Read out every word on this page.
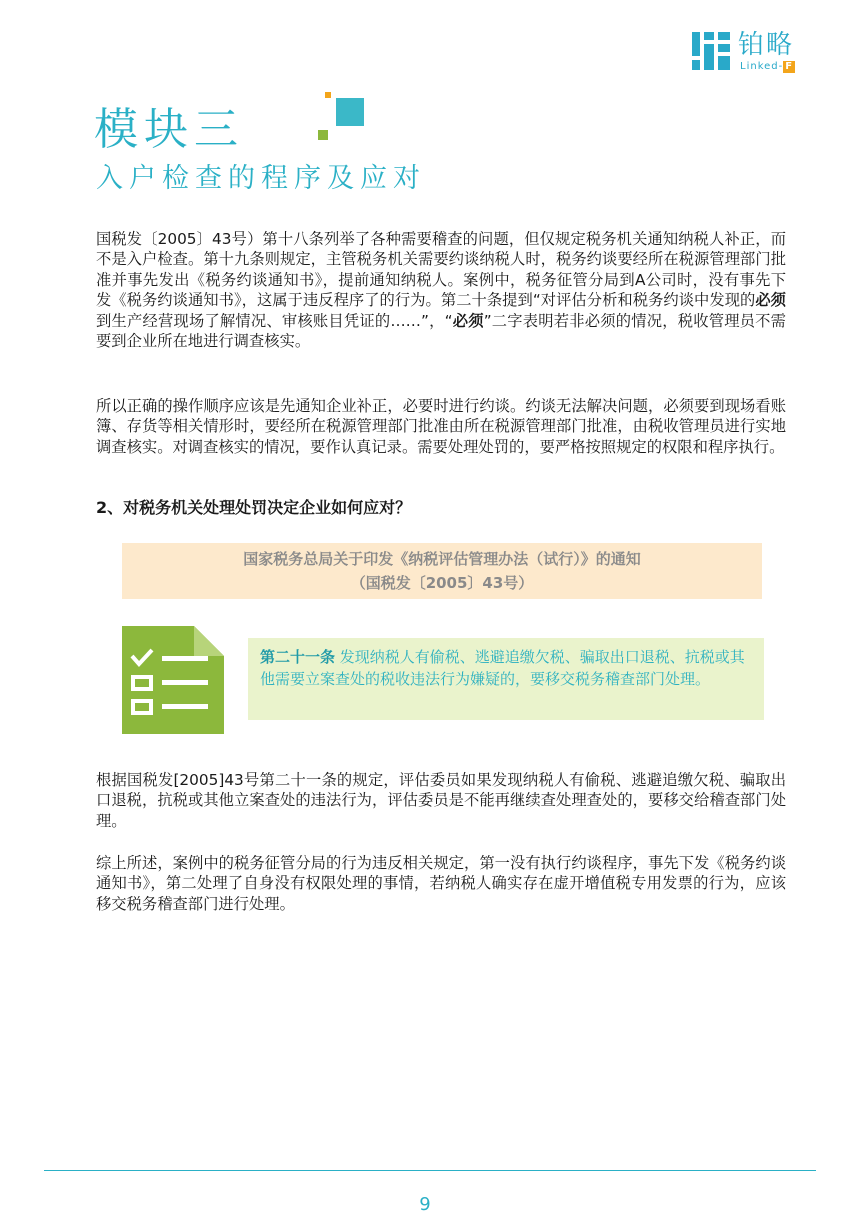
铂略
Linked- F
模块三
入户检查的程序及应对
国税发〔2005〕43号）第十八条列举了各种需要稽查的问题，但仅规定税务机关通知纳税人补正，而不是入户检查。第十九条则规定，主管税务机关需要约谈纳税人时，税务约谈要经所在税源管理部门批准并事先发出《税务约谈通知书》，提前通知纳税人。案例中，税务征管分局到A公司时，没有事先下发《税务约谈通知书》，这属于违反程序了的行为。第二十条提到“对评估分析和税务约谈中发现的必须到生产经营现场了解情况、审核账目凭证的……”，“必须”二字表明若非必须的情况，税收管理员不需要到企业所在地进行调查核实。
所以正确的操作顺序应该是先通知企业补正，必要时进行约谈。约谈无法解决问题，必须要到现场看账簿、存货等相关情形时，要经所在税源管理部门批准由所在税源管理部门批准，由税收管理员进行实地调查核实。对调查核实的情况，要作认真记录。需要处理处罚的，要严格按照规定的权限和程序执行。
2、对税务机关处理处罚决定企业如何应对？
国家税务总局关于印发《纳税评估管理办法（试行）》的通知
（国税发〔2005〕43号）
第二十一条 发现纳税人有偷税、逃避追缴欠税、骗取出口退税、抗税或其他需要立案查处的税收违法行为嫌疑的，要移交税务稽查部门处理。
根据国税发[2005]43号第二十一条的规定，评估委员如果发现纳税人有偷税、逃避追缴欠税、骗取出口退税，抗税或其他立案查处的违法行为，评估委员是不能再继续查处理查处的，要移交给稽查部门处理。
综上所述，案例中的税务征管分局的行为违反相关规定，第一没有执行约谈程序，事先下发《税务约谈通知书》，第二处理了自身没有权限处理的事情，若纳税人确实存在虚开增值税专用发票的行为，应该移交税务稽查部门进行处理。
9
